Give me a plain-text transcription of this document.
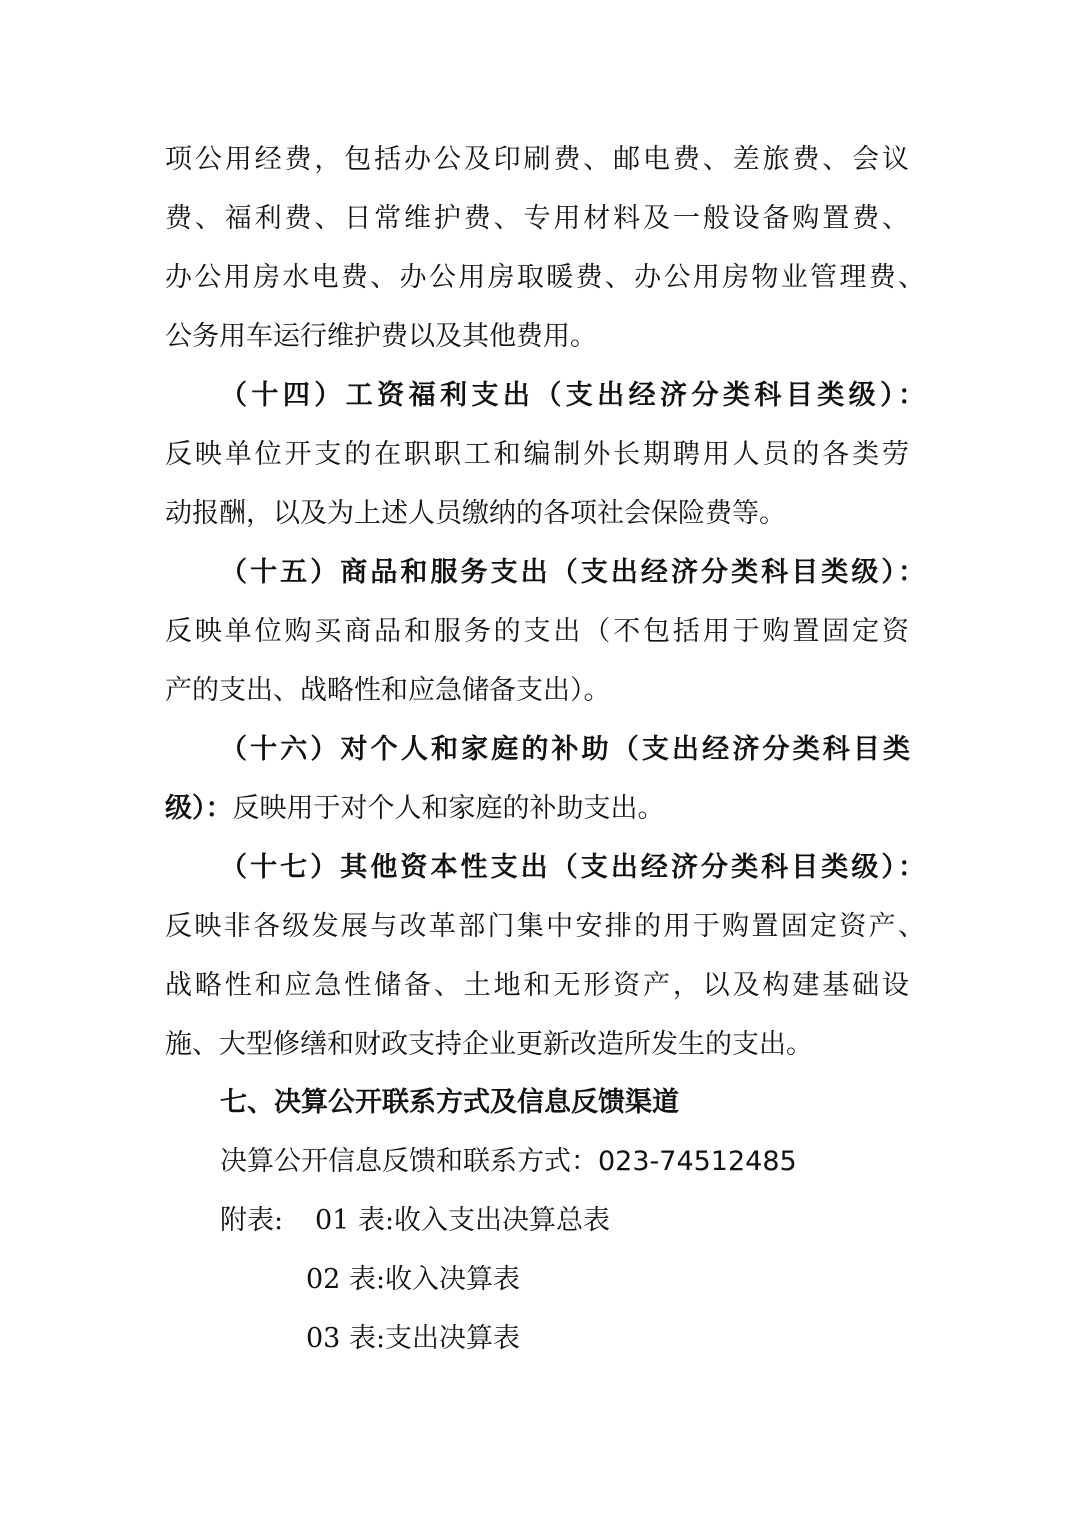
项公用经费，包括办公及印刷费、邮电费、差旅费、会议
费、福利费、日常维护费、专用材料及一般设备购置费、
办公用房水电费、办公用房取暖费、办公用房物业管理费、
公务用车运行维护费以及其他费用。
（十四）工资福利支出（支出经济分类科目类级）：
反映单位开支的在职职工和编制外长期聘用人员的各类劳
动报酬，以及为上述人员缴纳的各项社会保险费等。
（十五）商品和服务支出（支出经济分类科目类级）：
反映单位购买商品和服务的支出（不包括用于购置固定资
产的支出、战略性和应急储备支出）。
（十六）对个人和家庭的补助（支出经济分类科目类
级）：反映用于对个人和家庭的补助支出。
（十七）其他资本性支出（支出经济分类科目类级）：
反映非各级发展与改革部门集中安排的用于购置固定资产、
战略性和应急性储备、土地和无形资产，以及构建基础设
施、大型修缮和财政支持企业更新改造所发生的支出。
七、决算公开联系方式及信息反馈渠道
决算公开信息反馈和联系方式：023-74512485
附表: 01 表:收入支出决算总表
02 表:收入决算表
03 表:支出决算表
